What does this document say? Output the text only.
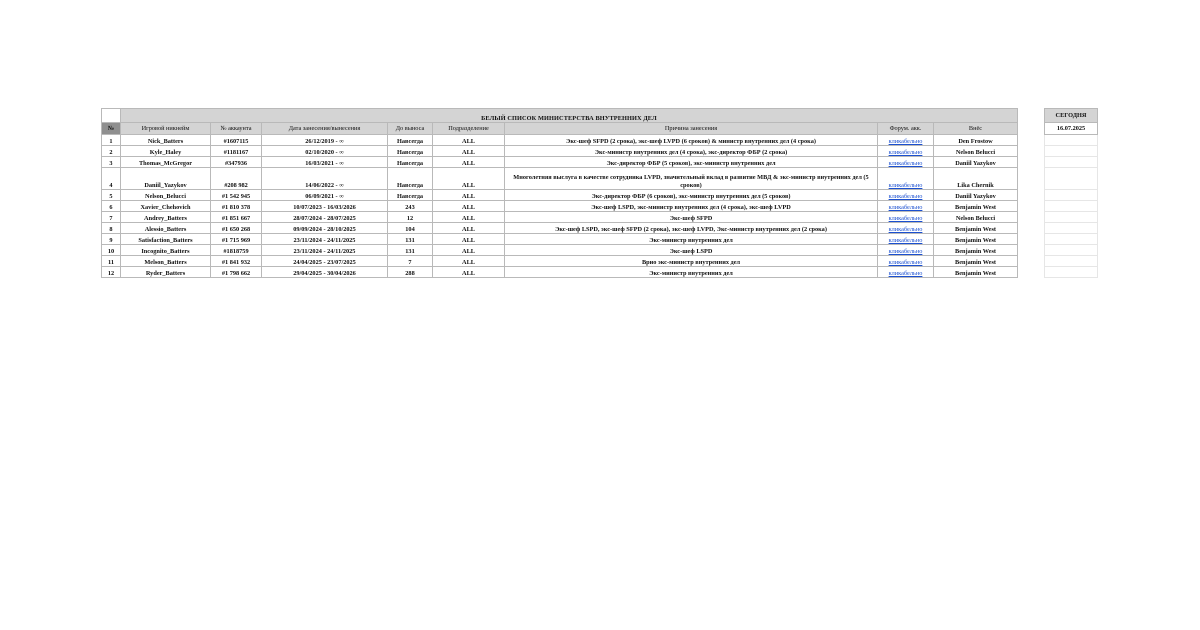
	БЕЛЫЙ СПИСОК МИНИСТЕРСТВА ВНУТРЕННИХ ДЕЛ							
№	Игровой никнейм	№ аккаунта	Дата занесения/вынесения	До выноса	Подразделение	Причина занесения	Форум. акк.	Внёс
1	Nick_Batters	#1607115	26/12/2019 - ∞	Навсегда	ALL	Экс-шеф SFPD (2 срока), экс-шеф LVPD (6 сроков) & министр внутренних дел (4 срока)	кликабельно	Den Frostow
2	Kyle_Haley	#1181167	02/10/2020 - ∞	Навсегда	ALL	Экс-министр внутренних дел (4 срока), экс-директор ФБР (2 срока)	кликабельно	Nelson Belucci
3	Thomas_McGregor	#347936	16/03/2021 - ∞	Навсегда	ALL	Экс-директор ФБР (5 сроков), экс-министр внутренних дел	кликабельно	Daniil Yazykov
4	Daniil_Yazykov	#208 982	14/06/2022 - ∞	Навсегда	ALL	Многолетняя выслуга в качестве сотрудника LVPD, значительный вклад в развитие МВД & экс-министр внутренних дел (5 сроков)	кликабельно	Lika Chernik
5	Nelson_Belucci	#1 542 945	06/09/2021 - ∞	Навсегда	ALL	Экс-директор ФБР (6 сроков), экс-министр внутренних дел (5 сроков)	кликабельно	Daniil Yazykov
6	Xavier_Chehovich	#1 810 378	10/07/2023 - 16/03/2026	243	ALL	Экс-шеф LSPD, экс-министр внутренних дел (4 срока), экс-шеф LVPD	кликабельно	Benjamin West
7	Andrey_Batters	#1 851 667	28/07/2024 - 28/07/2025	12	ALL	Экс-шеф SFPD	кликабельно	Nelson Belucci
8	Alessio_Batters	#1 650 268	09/09/2024 - 28/10/2025	104	ALL	Экс-шеф LSPD, экс-шеф SFPD (2 срока), экс-шеф LVPD, Экс-министр внутренних дел (2 срока)	кликабельно	Benjamin West
9	Satisfaction_Batters	#1 715 969	23/11/2024 - 24/11/2025	131	ALL	Экс-министр внутренних дел	кликабельно	Benjamin West
10	Incognito_Batters	#1818759	23/11/2024 - 24/11/2025	131	ALL	Экс-шеф LSPD	кликабельно	Benjamin West
11	Melson_Batters	#1 841 932	24/04/2025 - 23/07/2025	7	ALL	Врио экс-министр внутренних дел	кликабельно	Benjamin West
12	Ryder_Batters	#1 798 662	29/04/2025 - 30/04/2026	288	ALL	Экс-министр внутренних дел	кликабельно	Benjamin West
СЕГОДНЯ
16.07.2025
